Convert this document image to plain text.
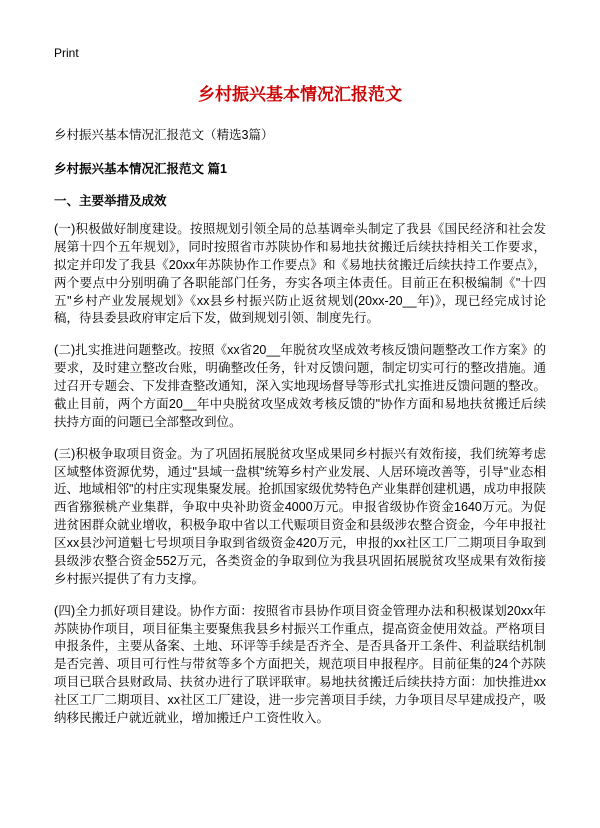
Print
乡村振兴基本情况汇报范文
乡村振兴基本情况汇报范文（精选3篇）
乡村振兴基本情况汇报范文 篇1
一、主要举措及成效

(一)积极做好制度建设。按照规划引领全局的总基调牵头制定了我县《国民经济和社会发展第十四个五年规划》，同时按照省市苏陕协作和易地扶贫搬迁后续扶持相关工作要求，拟定并印发了我县《20xx年苏陕协作工作要点》和《易地扶贫搬迁后续扶持工作要点》，两个要点中分别明确了各职能部门任务，夯实各项主体责任。目前正在积极编制《"十四五"乡村产业发展规划》《xx县乡村振兴防止返贫规划(20xx-20__年)》，现已经完成讨论稿，待县委县政府审定后下发，做到规划引领、制度先行。

(二)扎实推进问题整改。按照《xx省20__年脱贫攻坚成效考核反馈问题整改工作方案》的要求，及时建立整改台账，明确整改任务，针对反馈问题，制定切实可行的整改措施。通过召开专题会、下发排查整改通知，深入实地现场督导等形式扎实推进反馈问题的整改。截止目前，两个方面20__年中央脱贫攻坚成效考核反馈的"协作方面和易地扶贫搬迁后续扶持方面的问题已全部整改到位。

(三)积极争取项目资金。为了巩固拓展脱贫攻坚成果同乡村振兴有效衔接，我们统筹考虑区域整体资源优势，通过"县域一盘棋"统筹乡村产业发展、人居环境改善等，引导"业态相近、地域相邻"的村庄实现集聚发展。抢抓国家级优势特色产业集群创建机遇，成功申报陕西省猕猴桃产业集群，争取中央补助资金4000万元。申报省级协作资金1640万元。为促进贫困群众就业增收，积极争取中省以工代赈项目资金和县级涉农整合资金，今年申报社区xx县沙河道魁七号坝项目争取到省级资金420万元，申报的xx社区工厂二期项目争取到县级涉农整合资金552万元，各类资金的争取到位为我县巩固拓展脱贫攻坚成果有效衔接乡村振兴提供了有力支撑。

(四)全力抓好项目建设。协作方面：按照省市县协作项目资金管理办法和积极谋划20xx年苏陕协作项目，项目征集主要聚焦我县乡村振兴工作重点，提高资金使用效益。严格项目申报条件，主要从备案、土地、环评等手续是否齐全、是否具备开工条件、利益联结机制是否完善、项目可行性与带贫等多个方面把关，规范项目申报程序。目前征集的24个苏陕项目已联合县财政局、扶贫办进行了联评联审。易地扶贫搬迁后续扶持方面：加快推进xx社区工厂二期项目、xx社区工厂建设，进一步完善项目手续，力争项目尽早建成投产，吸纳移民搬迁户就近就业，增加搬迁户工资性收入。
